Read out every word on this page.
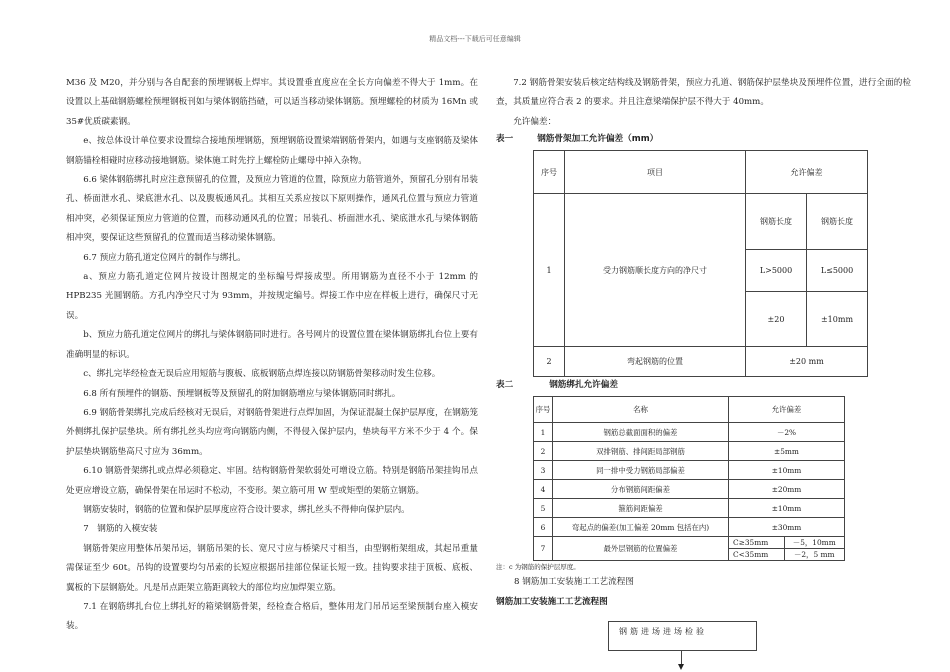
精品文档---下载后可任意编辑

M36 及 M20，并分别与各自配套的预埋钢板上焊牢。其设置垂直度应在全长方向偏差不得大于 1mm。在设置以上基础钢筋螺栓预埋钢板刊如与梁体钢筋挡碴，可以适当移动梁体钢筋。预埋螺栓的材质为 16Mn 或 35#优质碳素钢。

e、按总体设计单位要求设置综合接地预埋钢筋，预埋钢筋设置梁端钢筋骨架内，如遇与支座钢筋及梁体钢筋锚栓相碰时应移动接地钢筋。梁体施工时先拧上螺栓防止螺母中掉入杂物。

6.6 梁体钢筋绑扎时应注意预留孔的位置，及预应力管道的位置，除预应力筋管道外，预留孔分别有吊装孔、桥面泄水孔、梁底泄水孔、以及腹板通风孔。其相互关系应按以下原则操作，通风孔位置与预应力管道相冲突，必须保证预应力管道的位置，而移动通风孔的位置；吊装孔、桥面泄水孔、梁底泄水孔与梁体钢筋相冲突，要保证这些预留孔的位置而适当移动梁体钢筋。

6.7 预应力筋孔道定位网片的制作与绑扎。

a、预应力筋孔道定位网片按设计图规定的坐标编号焊接成型。所用钢筋为直径不小于 12mm 的 HPB235 光圆钢筋。方孔内净空尺寸为 93mm，并按规定编号。焊接工作中应在样板上进行，确保尺寸无误。

b、预应力筋孔道定位网片的绑扎与梁体钢筋同时进行。各号网片的设置位置在梁体钢筋绑扎台位上要有准确明显的标识。

c、绑扎完毕经检查无误后应用短筋与腹板、底板钢筋点焊连接以防钢筋骨架移动时发生位移。

6.8 所有预埋件的钢筋、预埋钢板等及预留孔的附加钢筋增应与梁体钢筋同时绑扎。

6.9 钢筋骨架绑扎完成后经核对无误后，对钢筋骨架进行点焊加固，为保证混凝土保护层厚度，在钢筋笼外侧绑扎保护层垫块。所有绑扎丝头均应弯向钢筋内侧，不得侵入保护层内，垫块每平方米不少于 4 个。保护层垫块钢筋垫高尺寸应为 36mm。

6.10 钢筋骨架绑扎或点焊必须稳定、牢固。结构钢筋骨架软弱处可增设立筋。特别是钢筋吊架挂钩吊点处更应增设立筋，确保骨架在吊运时不松动，不变形。架立筋可用 W 型或矩型的架筋立钢筋。

钢筋安装时，钢筋的位置和保护层厚度应符合设计要求，绑扎丝头不得伸向保护层内。

7　钢筋的入模安装

钢筋骨架应用整体吊架吊运，钢筋吊架的长、宽尺寸应与桥梁尺寸相当，由型钢桁架组成，其起吊重量需保证至少 60t。吊钩的设置要均匀吊索的长短应根据吊挂部位保证长短一致。挂钩要求挂于顶板、底板、翼板的下层钢筋处。凡是吊点距架立筋距离较大的部位均应加焊架立筋。

7.1 在钢筋绑扎台位上绑扎好的箱梁钢筋骨架，经检查合格后，整体用龙门吊吊运至梁预制台座入模安装。

7.2 钢筋骨架安装后核定结构线及钢筋骨架，预应力孔道、钢筋保护层垫块及预埋件位置，进行全面的检查，其质量应符合表 2 的要求。并且注意梁端保护层不得大于 40mm。

允许偏差：

表一	钢筋骨架加工允许偏差（mm）
序号	项目	允许偏差	
1	受力钢筋顺长度方向的净尺寸	钢筋长度	钢筋长度
		L>5000	L≤5000
		±20	±10mm
2	弯起钢筋的位置	±20 mm	
表二	钢筋绑扎允许偏差
序号	名称	允许偏差	
1	钢筋总截面面积的偏差	－2%	
2	双排钢筋、排间距局部钢筋	±5mm	
3	同一排中受力钢筋局部偏差	±10mm	
4	分布钢筋间距偏差	±20mm	
5	箍筋间距偏差	±10mm	
6	弯起点的偏差(加工偏差 20mm 包括在内)	±30mm	
7	最外层钢筋的位置偏差	C≥35mm	－5，10mm
		C<35mm	－2，5 mm
注：c 为钢筋的保护层厚度。
8 钢筋加工安装施工工艺流程图
钢筋加工安装施工工艺流程图
钢筋进场进场检验
